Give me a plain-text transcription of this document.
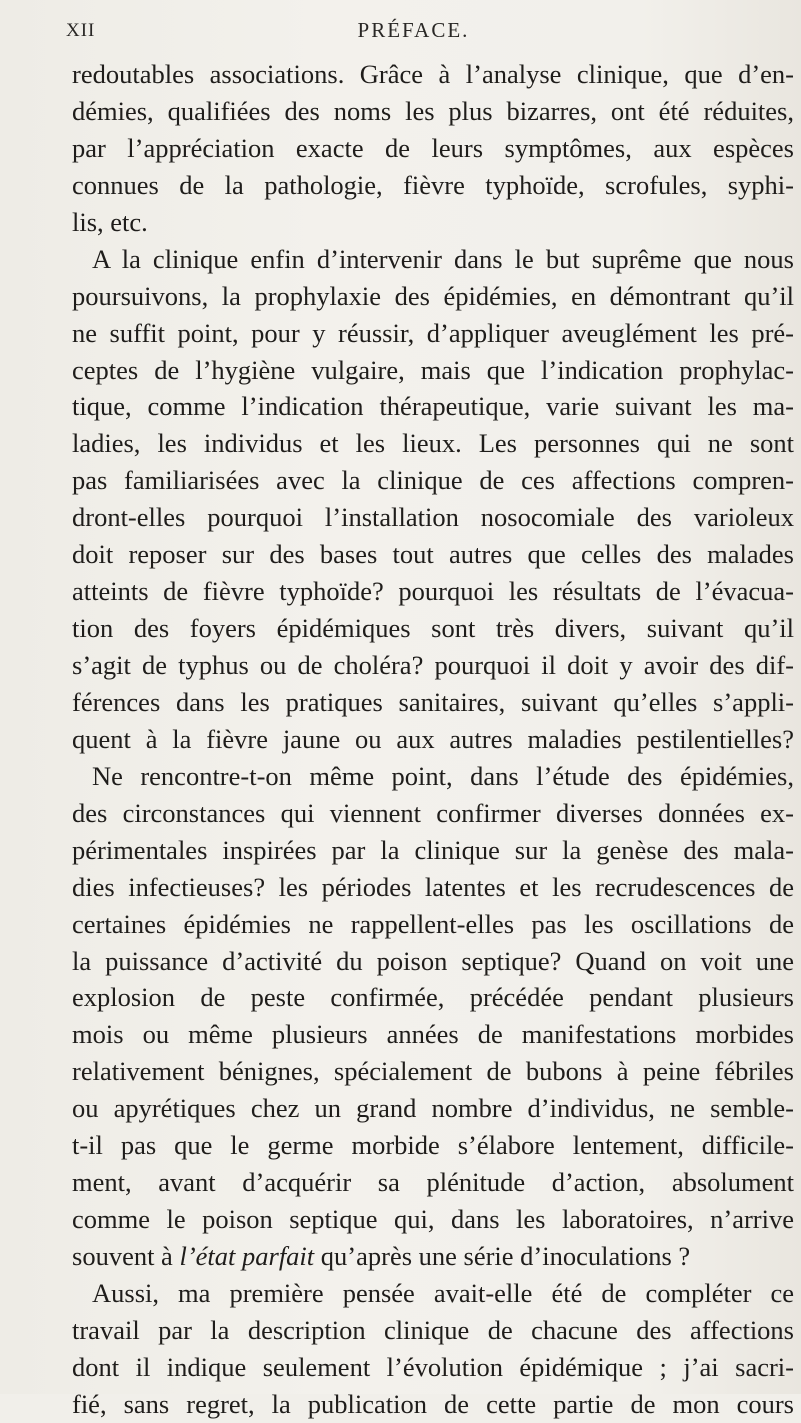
XII	PRÉFACE.
redoutables associations. Grâce à l’analyse clinique, que d’en-
démies, qualifiées des noms les plus bizarres, ont été réduites,
par l’appréciation exacte de leurs symptômes, aux espèces
connues de la pathologie, fièvre typhoïde, scrofules, syphi-
lis, etc.
A la clinique enfin d’intervenir dans le but suprême que nous
poursuivons, la prophylaxie des épidémies, en démontrant qu’il
ne suffit point, pour y réussir, d’appliquer aveuglément les pré-
ceptes de l’hygiène vulgaire, mais que l’indication prophylac-
tique, comme l’indication thérapeutique, varie suivant les ma-
ladies, les individus et les lieux. Les personnes qui ne sont
pas familiarisées avec la clinique de ces affections compren-
dront-elles pourquoi l’installation nosocomiale des varioleux
doit reposer sur des bases tout autres que celles des malades
atteints de fièvre typhoïde? pourquoi les résultats de l’évacua-
tion des foyers épidémiques sont très divers, suivant qu’il
s’agit de typhus ou de choléra? pourquoi il doit y avoir des dif-
férences dans les pratiques sanitaires, suivant qu’elles s’appli-
quent à la fièvre jaune ou aux autres maladies pestilentielles?
Ne rencontre-t-on même point, dans l’étude des épidémies,
des circonstances qui viennent confirmer diverses données ex-
périmentales inspirées par la clinique sur la genèse des mala-
dies infectieuses? les périodes latentes et les recrudescences de
certaines épidémies ne rappellent-elles pas les oscillations de
la puissance d’activité du poison septique? Quand on voit une
explosion de peste confirmée, précédée pendant plusieurs
mois ou même plusieurs années de manifestations morbides
relativement bénignes, spécialement de bubons à peine fébriles
ou apyrétiques chez un grand nombre d’individus, ne semble-
t-il pas que le germe morbide s’élabore lentement, difficile-
ment, avant d’acquérir sa plénitude d’action, absolument
comme le poison septique qui, dans les laboratoires, n’arrive
souvent à l’état parfait qu’après une série d’inoculations ?
Aussi, ma première pensée avait-elle été de compléter ce
travail par la description clinique de chacune des affections
dont il indique seulement l’évolution épidémique ; j’ai sacri-
fié, sans regret, la publication de cette partie de mon cours
